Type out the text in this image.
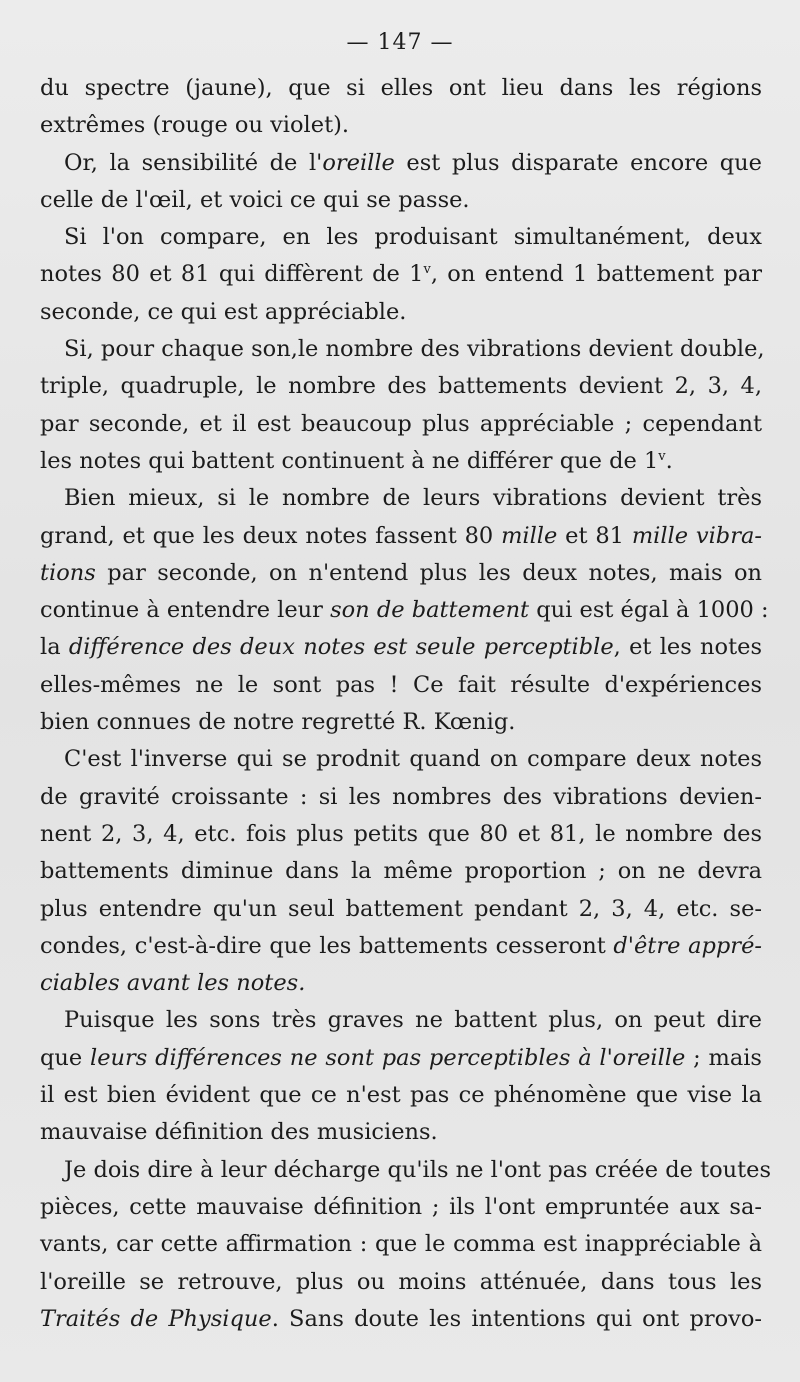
— 147 —
du spectre (jaune), que si elles ont lieu dans les régions
extrêmes (rouge ou violet).
Or, la sensibilité de l'oreille est plus disparate encore que
celle de l'œil, et voici ce qui se passe.
Si l'on compare, en les produisant simultanément, deux
notes 80 et 81 qui diffèrent de 1$^v$, on entend 1 battement par
seconde, ce qui est appréciable.
Si, pour chaque son,le nombre des vibrations devient double,
triple, quadruple, le nombre des battements devient 2, 3, 4,
par seconde, et il est beaucoup plus appréciable ; cependant
les notes qui battent continuent à ne différer que de 1$^v$.
Bien mieux, si le nombre de leurs vibrations devient très
grand, et que les deux notes fassent 80 mille et 81 mille vibra-
tions par seconde, on n'entend plus les deux notes, mais on
continue à entendre leur son de battement qui est égal à 1000 :
la différence des deux notes est seule perceptible, et les notes
elles-mêmes ne le sont pas ! Ce fait résulte d'expériences
bien connues de notre regretté R. Kœnig.
C'est l'inverse qui se prodnit quand on compare deux notes
de gravité croissante : si les nombres des vibrations devien-
nent 2, 3, 4, etc. fois plus petits que 80 et 81, le nombre des
battements diminue dans la même proportion ; on ne devra
plus entendre qu'un seul battement pendant 2, 3, 4, etc. se-
condes, c'est-à-dire que les battements cesseront d'être appré-
ciables avant les notes.
Puisque les sons très graves ne battent plus, on peut dire
que leurs différences ne sont pas perceptibles à l'oreille ; mais
il est bien évident que ce n'est pas ce phénomène que vise la
mauvaise définition des musiciens.
Je dois dire à leur décharge qu'ils ne l'ont pas créée de toutes
pièces, cette mauvaise définition ; ils l'ont empruntée aux sa-
vants, car cette affirmation : que le comma est inappréciable à
l'oreille se retrouve, plus ou moins atténuée, dans tous les
Traités de Physique. Sans doute les intentions qui ont provo-
